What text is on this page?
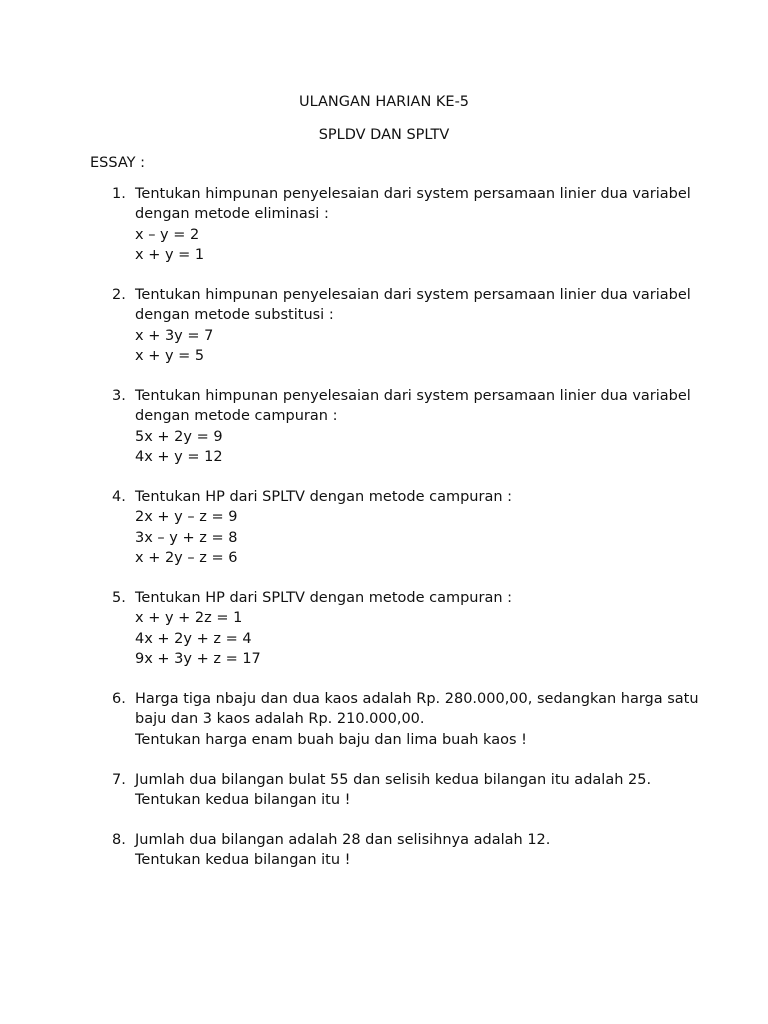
ULANGAN HARIAN KE-5
SPLDV DAN SPLTV
ESSAY :
1. Tentukan himpunan penyelesaian dari system persamaan linier dua variabel
dengan metode eliminasi :
x – y = 2
x + y = 1
2. Tentukan himpunan penyelesaian dari system persamaan linier dua variabel
dengan metode substitusi :
x + 3y = 7
x + y = 5
3. Tentukan himpunan penyelesaian dari system persamaan linier dua variabel
dengan metode campuran :
5x + 2y = 9
4x + y = 12
4. Tentukan HP dari SPLTV dengan metode campuran :
2x + y – z = 9
3x – y + z = 8
x + 2y – z = 6
5. Tentukan HP dari SPLTV dengan metode campuran :
x + y + 2z = 1
4x + 2y + z = 4
9x + 3y + z = 17
6. Harga tiga nbaju dan dua kaos adalah Rp. 280.000,00, sedangkan harga satu
baju dan 3 kaos adalah Rp. 210.000,00.
Tentukan harga enam buah baju dan lima buah kaos !
7. Jumlah dua bilangan bulat 55 dan selisih kedua bilangan itu adalah 25.
Tentukan kedua bilangan itu !
8. Jumlah dua bilangan adalah 28 dan selisihnya adalah 12.
Tentukan kedua bilangan itu !
